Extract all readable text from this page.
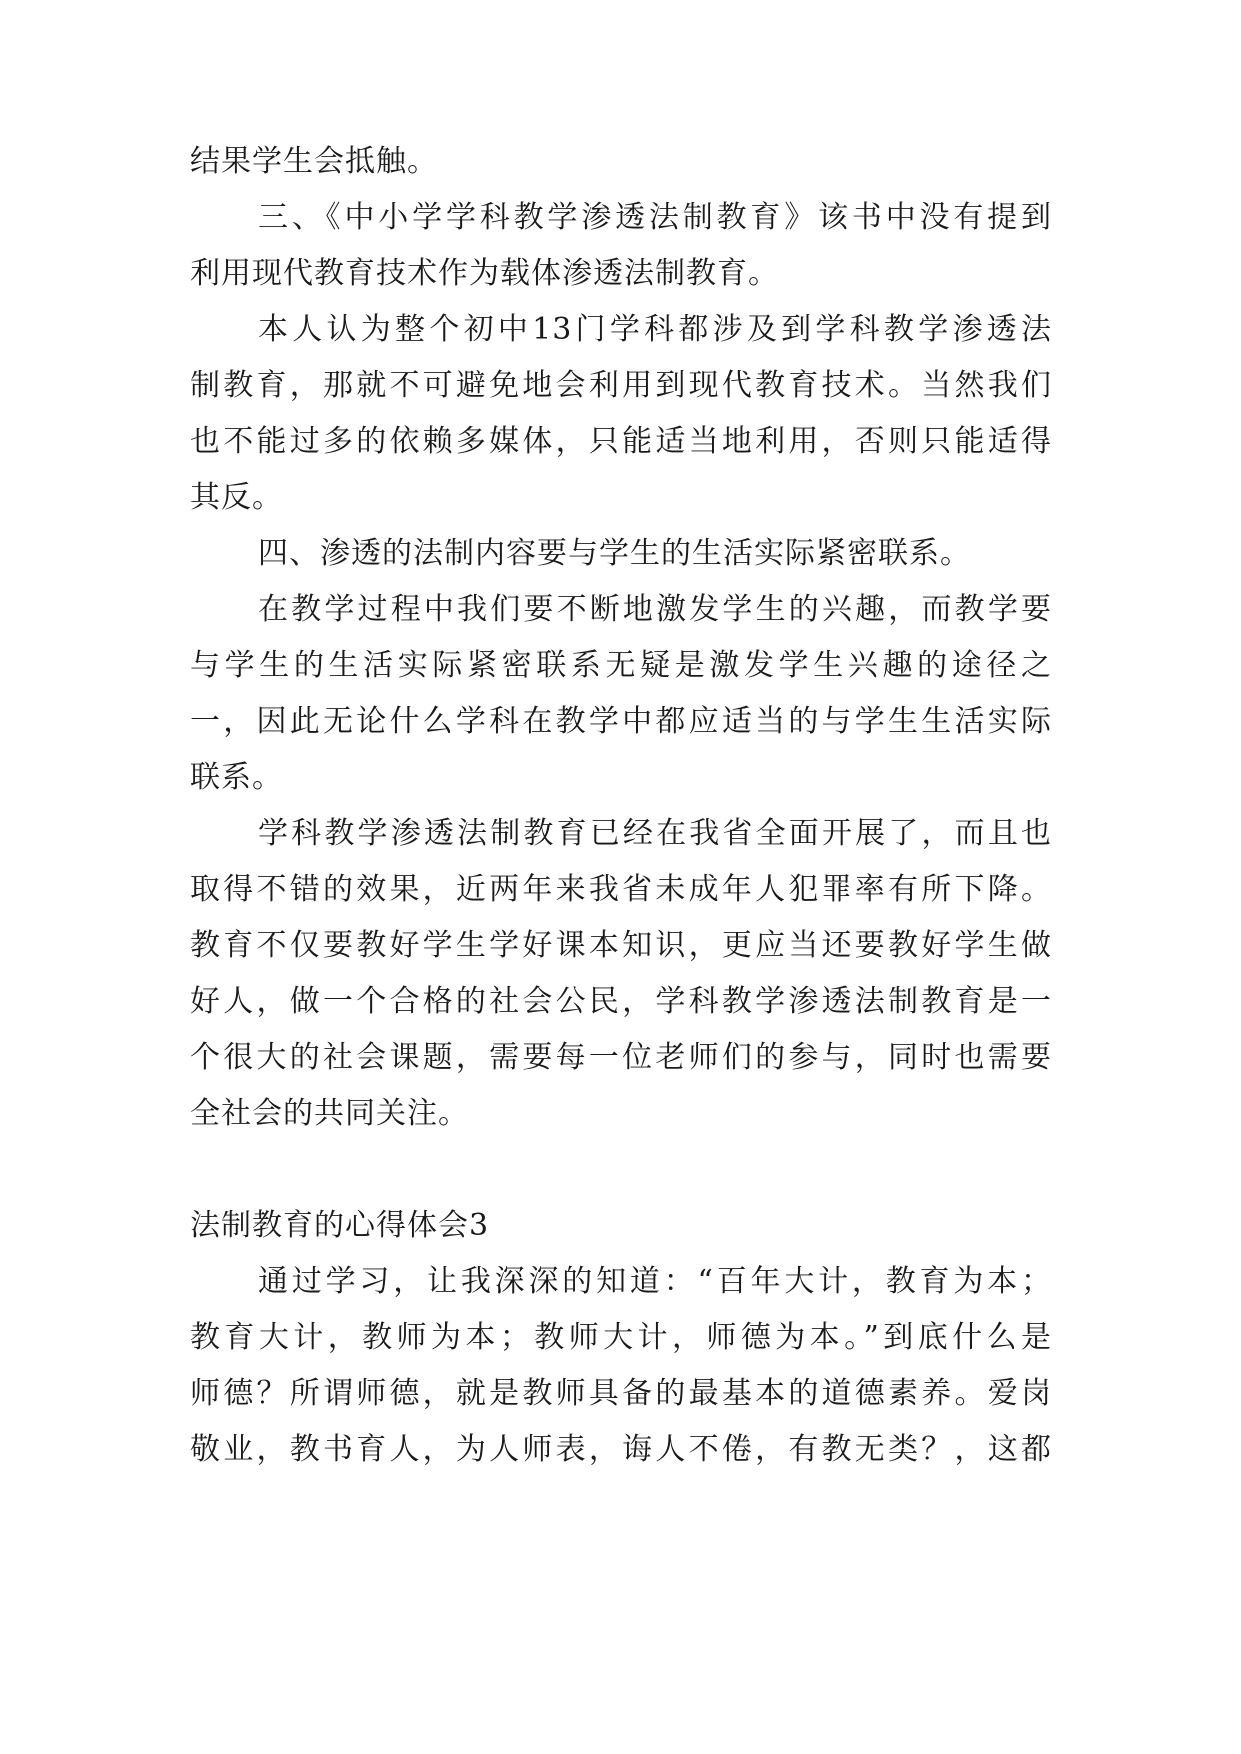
结果学生会抵触。
三、《中小学学科教学渗透法制教育》该书中没有提到
利用现代教育技术作为载体渗透法制教育。
本人认为整个初中13门学科都涉及到学科教学渗透法
制教育，那就不可避免地会利用到现代教育技术。当然我们
也不能过多的依赖多媒体，只能适当地利用，否则只能适得
其反。
四、渗透的法制内容要与学生的生活实际紧密联系。
在教学过程中我们要不断地激发学生的兴趣，而教学要
与学生的生活实际紧密联系无疑是激发学生兴趣的途径之
一，因此无论什么学科在教学中都应适当的与学生生活实际
联系。
学科教学渗透法制教育已经在我省全面开展了，而且也
取得不错的效果，近两年来我省未成年人犯罪率有所下降。
教育不仅要教好学生学好课本知识，更应当还要教好学生做
好人，做一个合格的社会公民，学科教学渗透法制教育是一
个很大的社会课题，需要每一位老师们的参与，同时也需要
全社会的共同关注。
法制教育的心得体会3
通过学习，让我深深的知道：“百年大计，教育为本；
教育大计，教师为本；教师大计，师德为本。”到底什么是
师德？所谓师德，就是教师具备的最基本的道德素养。爱岗
敬业，教书育人，为人师表，诲人不倦，有教无类？，这都
